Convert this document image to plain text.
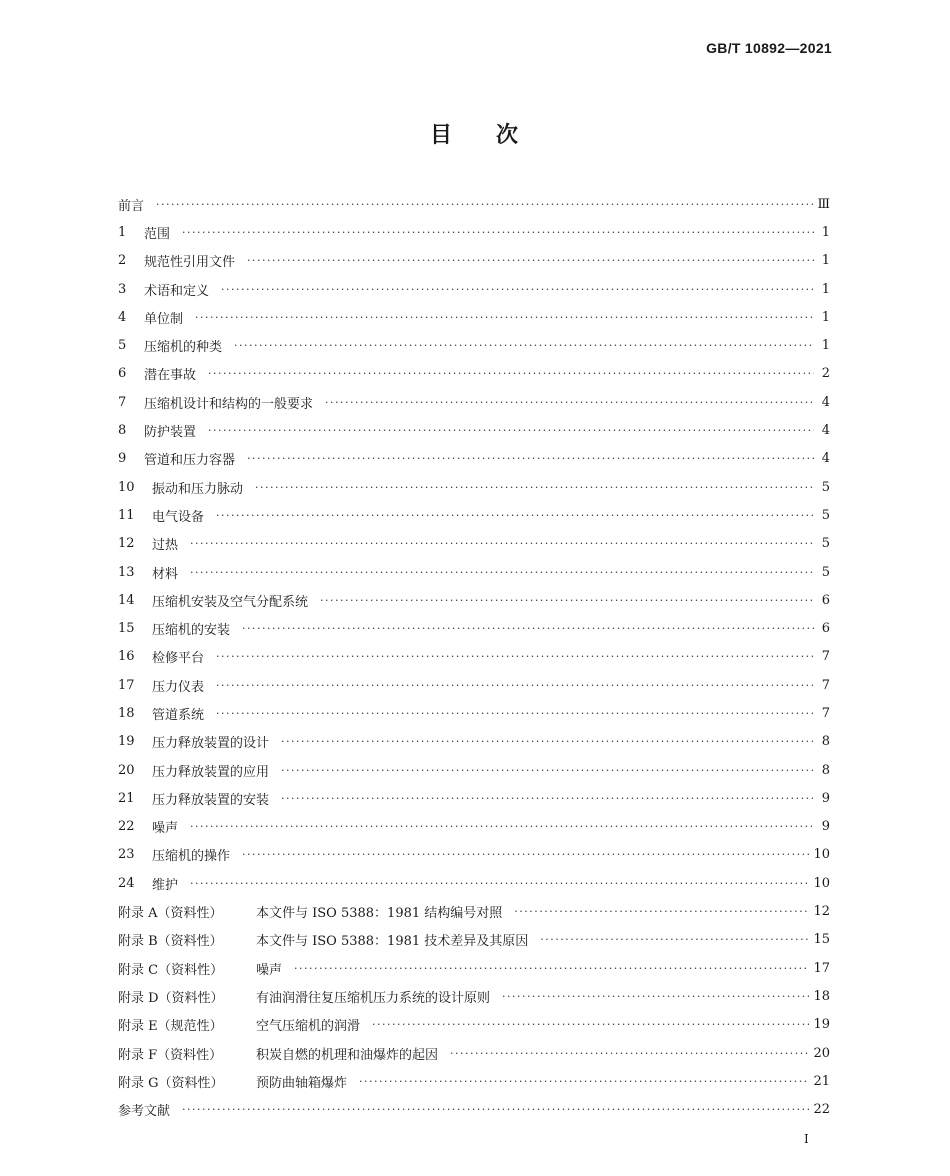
GB/T 10892—2021
目 次
前言 ·····	Ⅲ
1	范围 ·····	1
2	规范性引用文件 ·····	1
3	术语和定义 ·····	1
4	单位制 ·····	1
5	压缩机的种类 ·····	1
6	潜在事故 ·····	2
7	压缩机设计和结构的一般要求 ·····	4
8	防护装置 ·····	4
9	管道和压力容器 ·····	4
10	振动和压力脉动 ·····	5
11	电气设备 ·····	5
12	过热 ·····	5
13	材料 ·····	5
14	压缩机安装及空气分配系统 ·····	6
15	压缩机的安装 ·····	6
16	检修平台 ·····	7
17	压力仪表 ·····	7
18	管道系统 ·····	7
19	压力释放装置的设计 ·····	8
20	压力释放装置的应用 ·····	8
21	压力释放装置的安装 ·····	9
22	噪声 ·····	9
23	压缩机的操作 ·····	10
24	维护 ·····	10
附录 A（资料性）	本文件与 ISO 5388：1981 结构编号对照 ·····	12
附录 B（资料性）	本文件与 ISO 5388：1981 技术差异及其原因 ·····	15
附录 C（资料性）	噪声 ·····	17
附录 D（资料性）	有油润滑往复压缩机压力系统的设计原则 ·····	18
附录 E（规范性）	空气压缩机的润滑 ·····	19
附录 F（资料性）	积炭自燃的机理和油爆炸的起因 ·····	20
附录 G（资料性）	预防曲轴箱爆炸 ·····	21
参考文献 ·····	22
I
